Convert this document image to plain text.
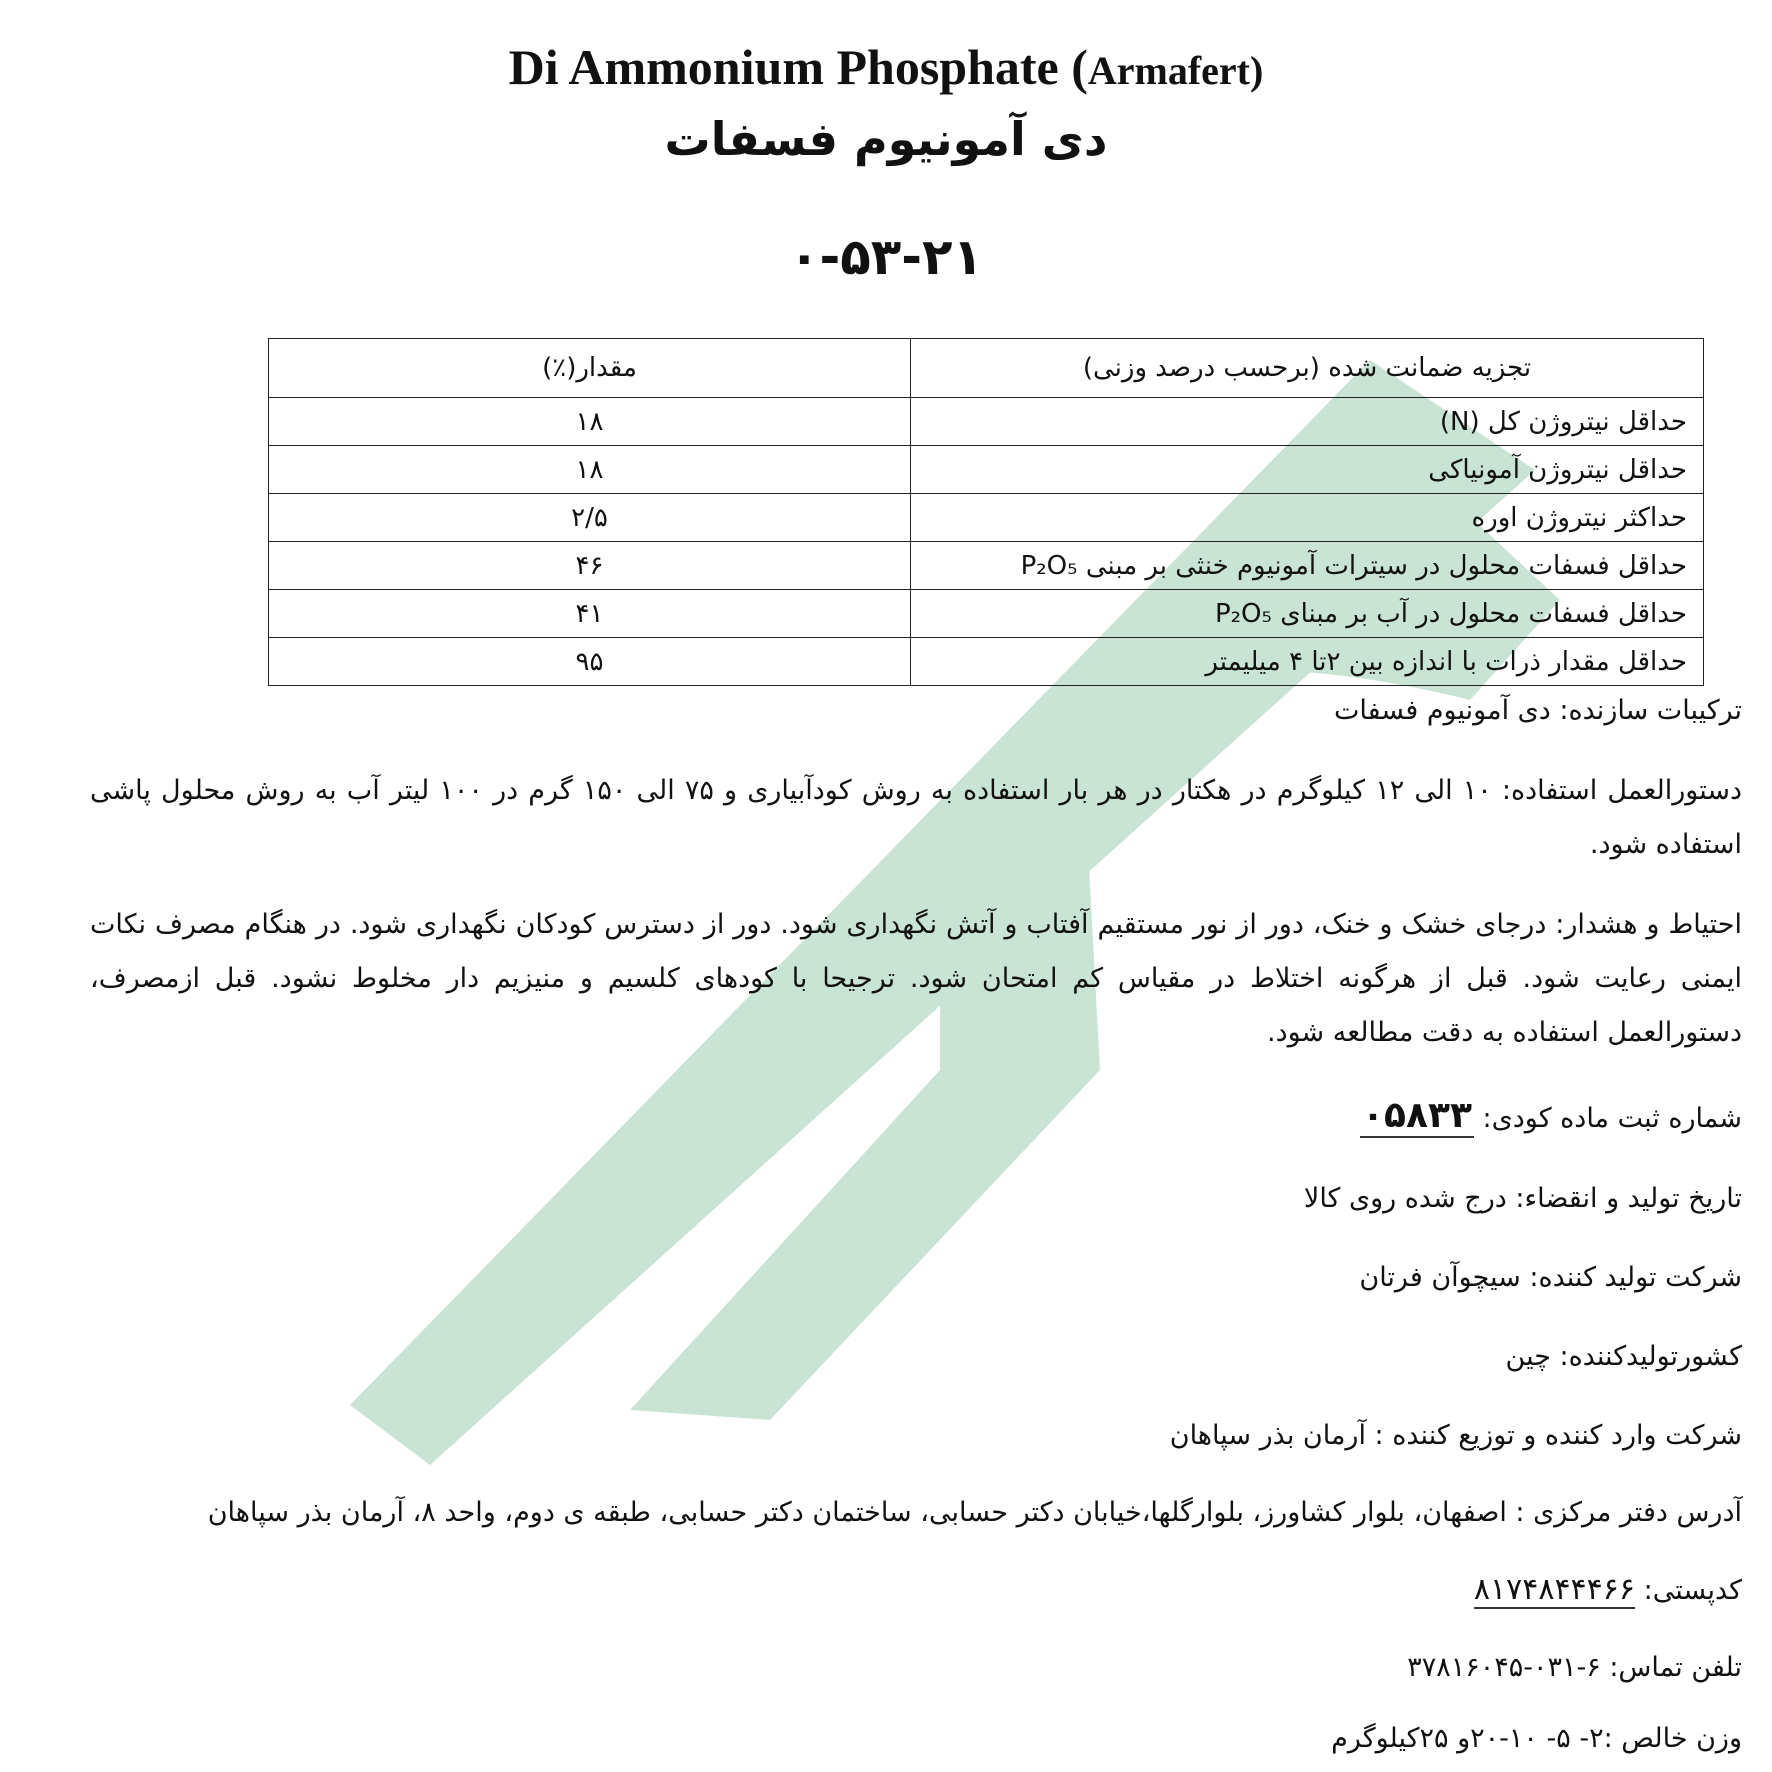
Di Ammonium Phosphate (Armafert)
دی آمونیوم فسفات
۰-۵۳-۲۱
تجزیه ضمانت شده (برحسب درصد وزنی)	مقدار(٪)
حداقل نیتروژن کل (N)	۱۸
حداقل نیتروژن آمونیاکی	۱۸
حداکثر نیتروژن اوره	۲/۵
حداقل فسفات محلول در سیترات آمونیوم خنثی بر مبنی P₂O₅	۴۶
حداقل فسفات محلول در آب بر مبنای P₂O₅	۴۱
حداقل مقدار ذرات با اندازه بین ۲تا ۴ میلیمتر	۹۵
ترکیبات سازنده: دی آمونیوم فسفات
دستورالعمل استفاده: ۱۰ الی ۱۲ کیلوگرم در هکتار در هر بار استفاده به روش کودآبیاری و ۷۵ الی ۱۵۰ گرم در ۱۰۰ لیتر آب به روش محلول پاشی استفاده شود.
احتیاط و هشدار: درجای خشک و خنک، دور از نور مستقیم آفتاب و آتش نگهداری شود. دور از دسترس کودکان نگهداری شود. در هنگام مصرف نکات ایمنی رعایت شود. قبل از هرگونه اختلاط در مقیاس کم امتحان شود. ترجیحا با کودهای کلسیم و منیزیم دار مخلوط نشود. قبل ازمصرف، دستورالعمل استفاده به دقت مطالعه شود.
شماره ثبت ماده کودی: ۰۵۸۳۳
تاریخ تولید و انقضاء: درج شده روی کالا
شرکت تولید کننده: سیچوآن فرتان
کشورتولیدکننده: چین
شرکت وارد کننده و توزیع کننده : آرمان بذر سپاهان
آدرس دفتر مرکزی : اصفهان، بلوار کشاورز، بلوارگلها،خیابان دکتر حسابی، ساختمان دکتر حسابی، طبقه ی دوم، واحد ۸، آرمان بذر سپاهان
کدپستی: ۸۱۷۴۸۴۴۴۶۶
تلفن تماس: ۶-۰۳۱-۳۷۸۱۶۰۴۵
وزن خالص :۲- ۵- ۱۰-۲۰و ۲۵کیلوگرم
